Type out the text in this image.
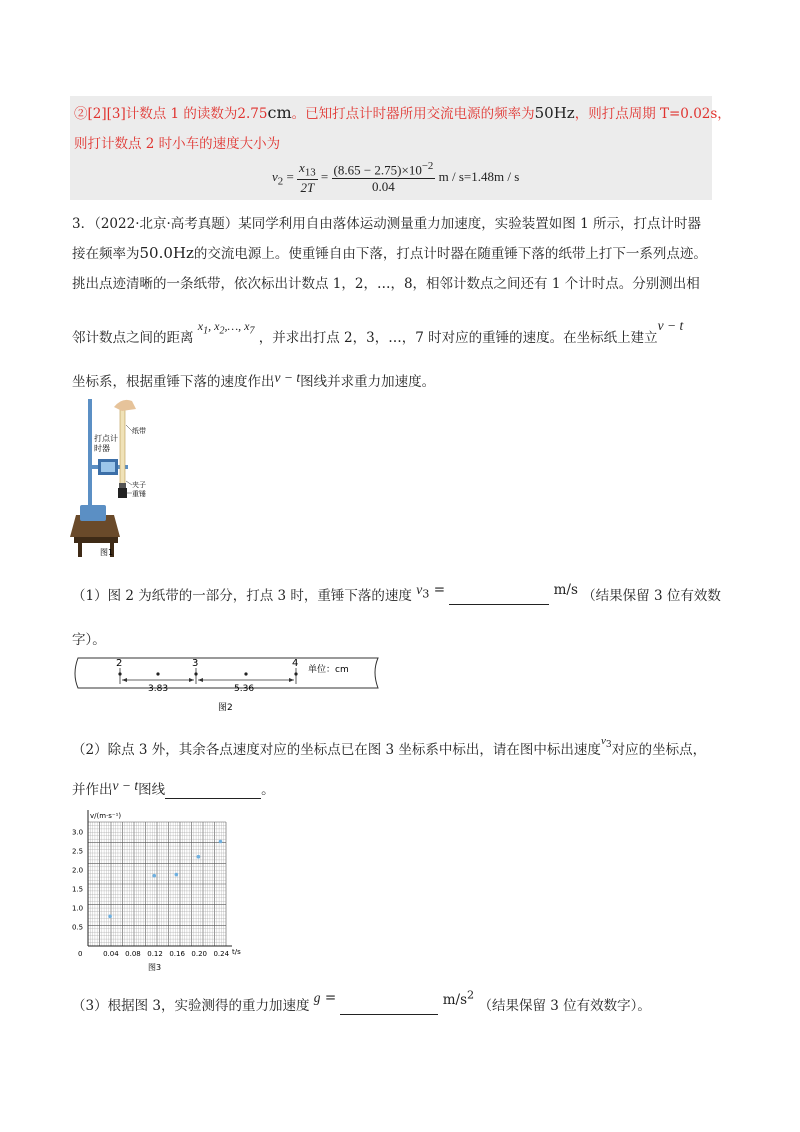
②[2][3]计数点 1 的读数为2.75cm。已知打点计时器所用交流电源的频率为50Hz，则打点周期 T=0.02s，
则打计数点 2 时小车的速度大小为
$v_2 = \frac{x_{13}}{2T} = \frac{(8.65 - 2.75)\times 10^{-2}}{0.04}$ m / s=1.48m / s
3．（2022·北京·高考真题）某同学利用自由落体运动测量重力加速度，实验装置如图 1 所示，打点计时器
接在频率为50.0Hz的交流电源上。使重锤自由下落，打点计时器在随重锤下落的纸带上打下一系列点迹。
挑出点迹清晰的一条纸带，依次标出计数点 1，2，…，8，相邻计数点之间还有 1 个计时点。分别测出相
邻计数点之间的距离 $x_1$, $x_2,\dots$, $x_7$ ，并求出打点 2，3，…，7 时对应的重锤的速度。在坐标纸上建立v − t
坐标系，根据重锤下落的速度作出v − t图线并求重力加速度。
打点计
时器
纸带
夹子
重锤
图1
（1）图 2 为纸带的一部分，打点 3 时，重锤下落的速度 $v_3$ =	m/s （结果保留 3 位有效数
字）。
2	3	4
3.83	5.36
单位：cm
图2
（2）除点 3 外，其余各点速度对应的坐标点已在图 3 坐标系中标出，请在图中标出速度$^{v_3}$对应的坐标点，
并作出v − t图线	。
3.0
2.5
2.0
1.5
1.0
0.5
0	0.04 0.08 0.12 0.16 0.20 0.24
v/(m·s⁻¹)
t/s
图3
（3）根据图 3，实验测得的重力加速度 g =	$m/s^2$ （结果保留 3 位有效数字）。
